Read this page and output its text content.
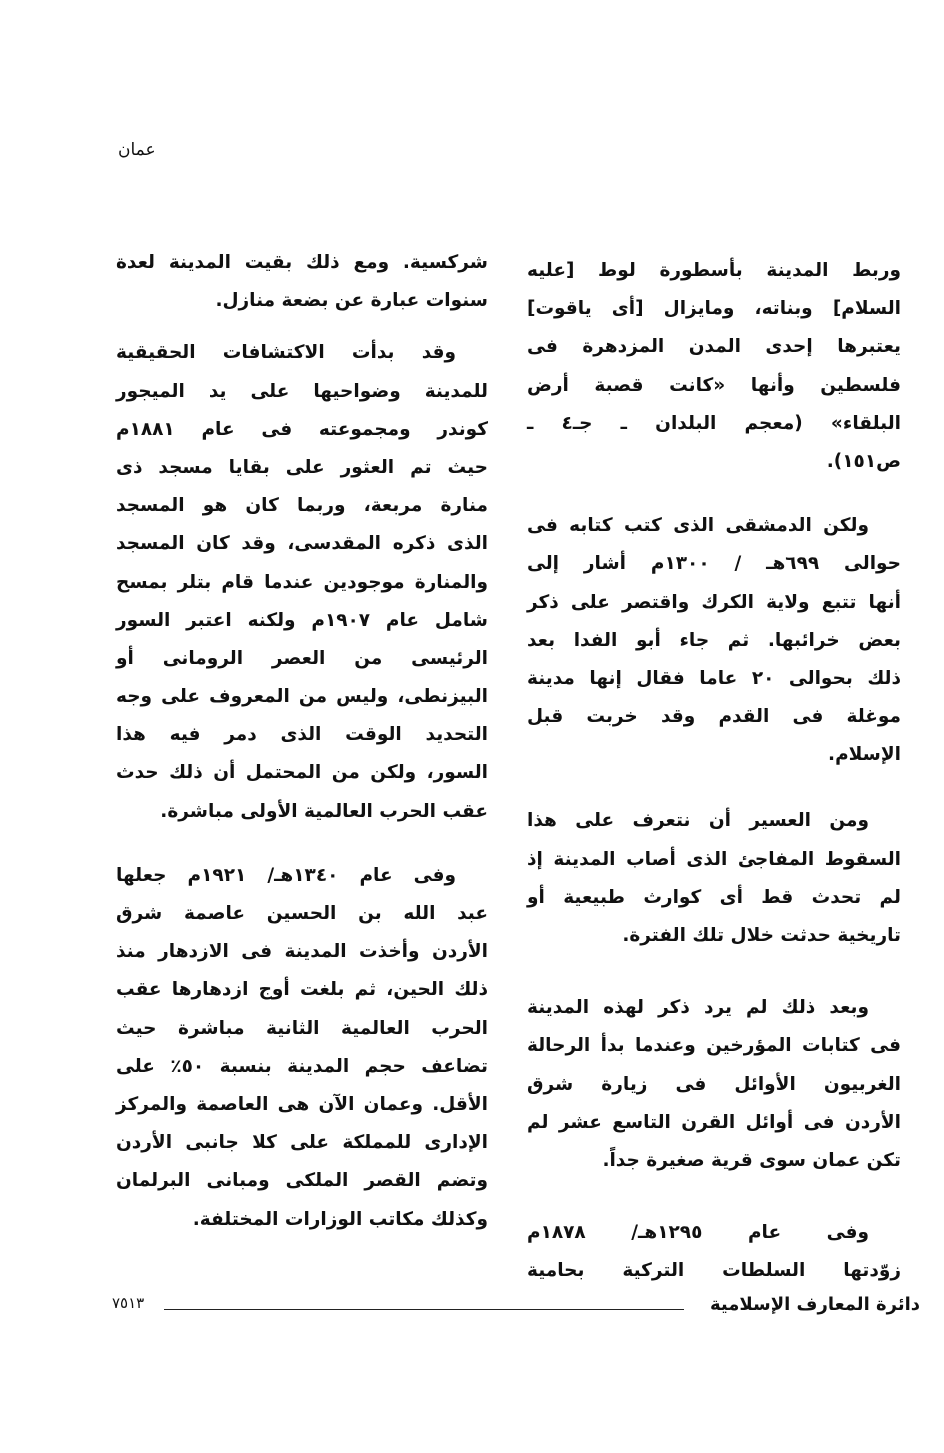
عمان
وربط المدينة بأسطورة لوط [عليه
السلام] وبناته، ومايزال [أى ياقوت]
يعتبرها إحدى المدن المزدهرة فى
فلسطين وأنها «كانت قصبة أرض
البلقاء» (معجم البلدان ـ جـ٤ ـ
ص١٥١).
ولكن الدمشقى الذى كتب كتابه فى
حوالى ٦٩٩هـ / ١٣٠٠م أشار إلى
أنها تتبع ولاية الكرك واقتصر على ذكر
بعض خرائبها. ثم جاء أبو الفدا بعد
ذلك بحوالى ٢٠ عاما فقال إنها مدينة
موغلة فى القدم وقد خربت قبل
الإسلام.
ومن العسير أن نتعرف على هذا
السقوط المفاجئ الذى أصاب المدينة إذ
لم تحدث قط أى كوارث طبيعية أو
تاريخية حدثت خلال تلك الفترة.
وبعد ذلك لم يرد ذكر لهذه المدينة
فى كتابات المؤرخين وعندما بدأ الرحالة
الغربيون الأوائل فى زيارة شرق
الأردن فى أوائل القرن التاسع عشر لم
تكن عمان سوى قرية صغيرة جداً.
وفى عام ١٢٩٥هـ/ ١٨٧٨م
زوّدتها السلطات التركية بحامية
شركسية. ومع ذلك بقيت المدينة لعدة
سنوات عبارة عن بضعة منازل.
وقد بدأت الاكتشافات الحقيقية
للمدينة وضواحيها على يد الميجور
كوندر ومجموعته فى عام ١٨٨١م
حيث تم العثور على بقايا مسجد ذى
منارة مربعة، وربما كان هو المسجد
الذى ذكره المقدسى، وقد كان المسجد
والمنارة موجودين عندما قام بتلر بمسح
شامل عام ١٩٠٧م ولكنه اعتبر السور
الرئيسى من العصر الرومانى أو
البيزنطى، وليس من المعروف على وجه
التحديد الوقت الذى دمر فيه هذا
السور، ولكن من المحتمل أن ذلك حدث
عقب الحرب العالمية الأولى مباشرة.
وفى عام ١٣٤٠هـ/ ١٩٢١م جعلها
عبد الله بن الحسين عاصمة شرق
الأردن وأخذت المدينة فى الازدهار منذ
ذلك الحين، ثم بلغت أوج ازدهارها عقب
الحرب العالمية الثانية مباشرة حيث
تضاعف حجم المدينة بنسبة ٥٠٪ على
الأقل. وعمان الآن هى العاصمة والمركز
الإدارى للمملكة على كلا جانبى الأردن
وتضم القصر الملكى ومبانى البرلمان
وكذلك مكاتب الوزارات المختلفة.
دائرة المعارف الإسلامية
٧٥١٣
